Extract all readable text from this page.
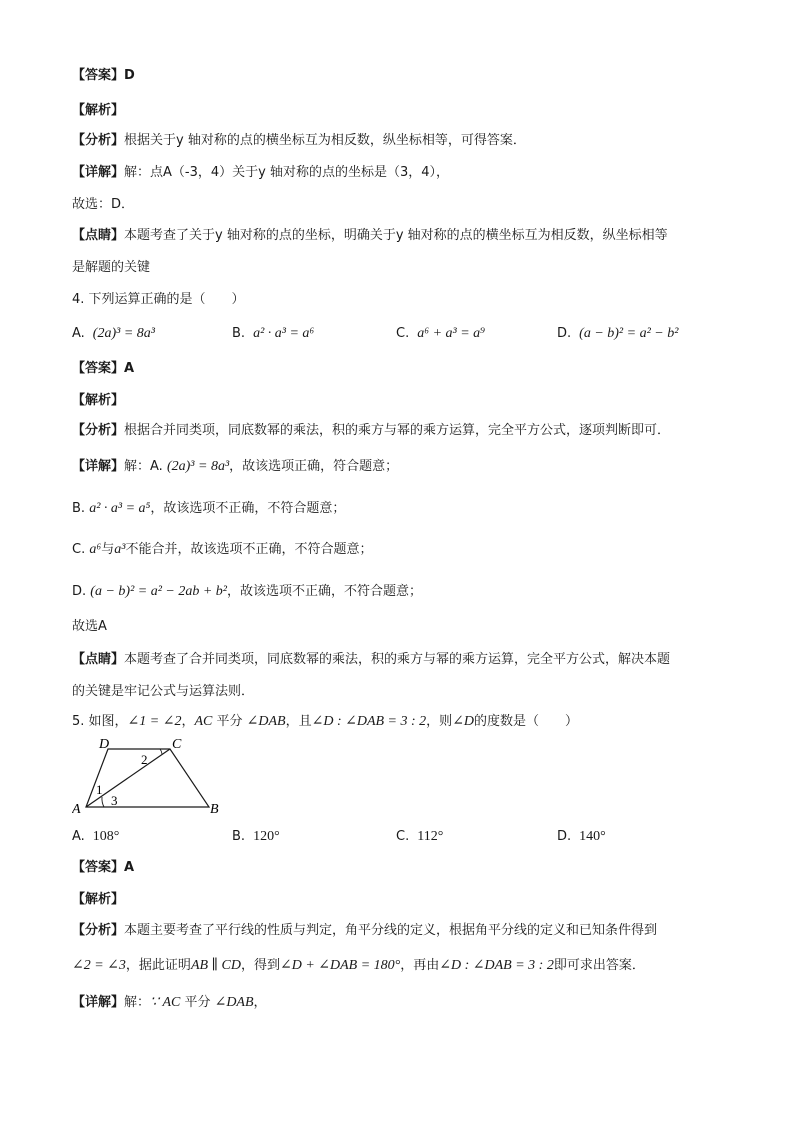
【答案】D
【解析】
【分析】根据关于y 轴对称的点的横坐标互为相反数，纵坐标相等，可得答案．
【详解】解：点A（-3，4）关于y 轴对称的点的坐标是（3，4），
故选：D．
【点睛】本题考查了关于y 轴对称的点的坐标，明确关于y 轴对称的点的横坐标互为相反数，纵坐标相等
是解题的关键
4. 下列运算正确的是（　　）
A. (2a)³ = 8a³	B. a² · a³ = a⁶	C. a⁶ + a³ = a⁹	D. (a − b)² = a² − b²
【答案】A
【解析】
【分析】根据合并同类项，同底数幂的乘法，积的乘方与幂的乘方运算，完全平方公式，逐项判断即可．
【详解】解：A. (2a)³ = 8a³，故该选项正确，符合题意；
B. a² · a³ = a⁵，故该选项不正确，不符合题意；
C. a⁶与a³不能合并，故该选项不正确，不符合题意；
D. (a − b)² = a² − 2ab + b²，故该选项不正确，不符合题意；
故选A
【点睛】本题考查了合并同类项，同底数幂的乘法，积的乘方与幂的乘方运算，完全平方公式，解决本题
的关键是牢记公式与运算法则．
5. 如图，∠1 = ∠2，AC 平分 ∠DAB，且∠D : ∠DAB = 3 : 2，则∠D的度数是（　　）
D	C
A	B
1
2
3
A. 108°	B. 120°	C. 112°	D. 140°
【答案】A
【解析】
【分析】本题主要考查了平行线的性质与判定，角平分线的定义，根据角平分线的定义和已知条件得到
∠2 = ∠3，据此证明AB ∥ CD，得到∠D + ∠DAB = 180°，再由∠D : ∠DAB = 3 : 2即可求出答案．
【详解】解：∵ AC 平分 ∠DAB，
